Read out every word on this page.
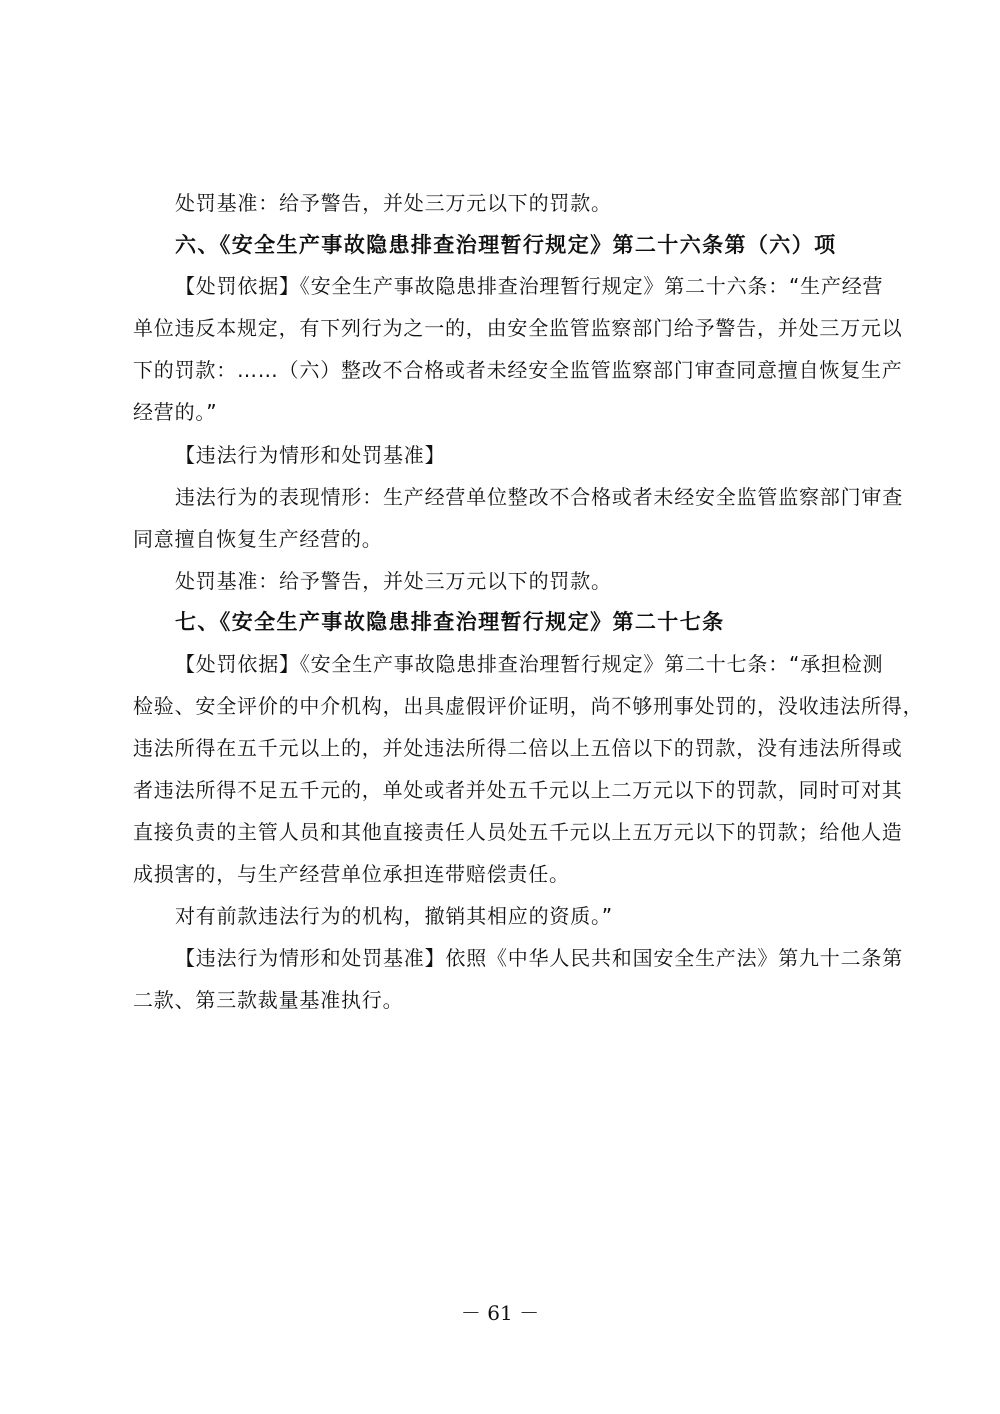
处罚基准：给予警告，并处三万元以下的罚款。
六、《安全生产事故隐患排查治理暂行规定》第二十六条第（六）项
【处罚依据】《安全生产事故隐患排查治理暂行规定》第二十六条：“生产经营
单位违反本规定，有下列行为之一的，由安全监管监察部门给予警告，并处三万元以
下的罚款：……（六）整改不合格或者未经安全监管监察部门审查同意擅自恢复生产
经营的。”
【违法行为情形和处罚基准】
违法行为的表现情形：生产经营单位整改不合格或者未经安全监管监察部门审查
同意擅自恢复生产经营的。
处罚基准：给予警告，并处三万元以下的罚款。
七、《安全生产事故隐患排查治理暂行规定》第二十七条
【处罚依据】《安全生产事故隐患排查治理暂行规定》第二十七条：“承担检测
检验、安全评价的中介机构，出具虚假评价证明，尚不够刑事处罚的，没收违法所得，
违法所得在五千元以上的，并处违法所得二倍以上五倍以下的罚款，没有违法所得或
者违法所得不足五千元的，单处或者并处五千元以上二万元以下的罚款，同时可对其
直接负责的主管人员和其他直接责任人员处五千元以上五万元以下的罚款；给他人造
成损害的，与生产经营单位承担连带赔偿责任。
对有前款违法行为的机构，撤销其相应的资质。”
【违法行为情形和处罚基准】依照《中华人民共和国安全生产法》第九十二条第
二款、第三款裁量基准执行。
－ 61 －
